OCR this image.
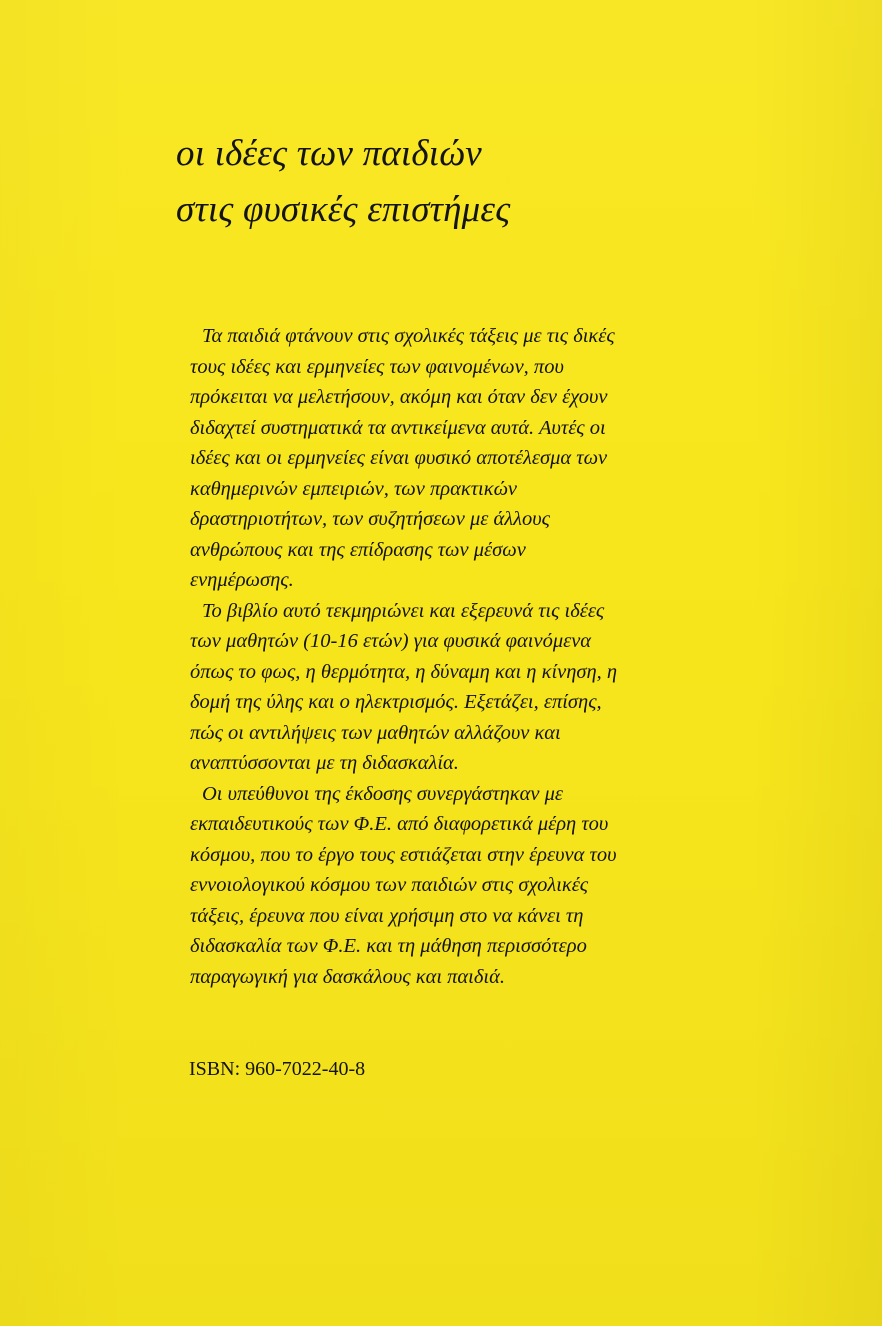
οι ιδέες των παιδιών
στις φυσικές επιστήμες
Τα παιδιά φτάνουν στις σχολικές τάξεις με τις δικές
τους ιδέες και ερμηνείες των φαινομένων, που
πρόκειται να μελετήσουν, ακόμη και όταν δεν έχουν
διδαχτεί συστηματικά τα αντικείμενα αυτά. Αυτές οι
ιδέες και οι ερμηνείες είναι φυσικό αποτέλεσμα των
καθημερινών εμπειριών, των πρακτικών
δραστηριοτήτων, των συζητήσεων με άλλους
ανθρώπους και της επίδρασης των μέσων
ενημέρωσης.
Το βιβλίο αυτό τεκμηριώνει και εξερευνά τις ιδέες
των μαθητών (10-16 ετών) για φυσικά φαινόμενα
όπως το φως, η θερμότητα, η δύναμη και η κίνηση, η
δομή της ύλης και ο ηλεκτρισμός. Εξετάζει, επίσης,
πώς οι αντιλήψεις των μαθητών αλλάζουν και
αναπτύσσονται με τη διδασκαλία.
Οι υπεύθυνοι της έκδοσης συνεργάστηκαν με
εκπαιδευτικούς των Φ.Ε. από διαφορετικά μέρη του
κόσμου, που το έργο τους εστιάζεται στην έρευνα του
εννοιολογικού κόσμου των παιδιών στις σχολικές
τάξεις, έρευνα που είναι χρήσιμη στο να κάνει τη
διδασκαλία των Φ.Ε. και τη μάθηση περισσότερο
παραγωγική για δασκάλους και παιδιά.
ISBN: 960-7022-40-8
